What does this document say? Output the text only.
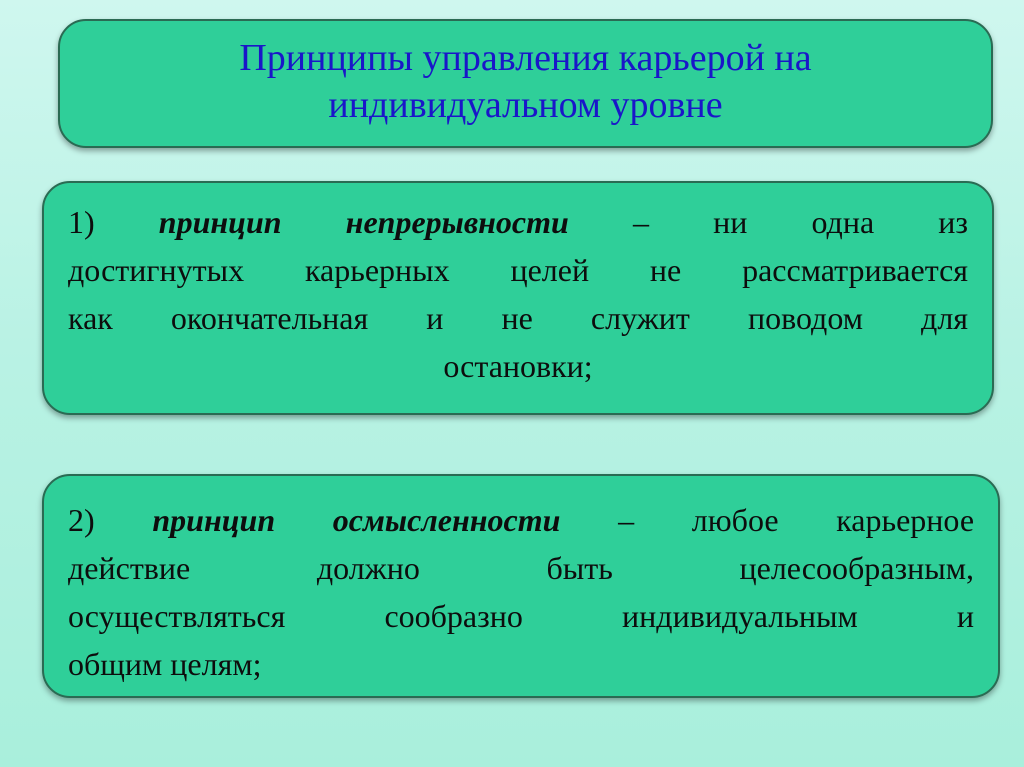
Принципы управления карьерой на
индивидуальном уровне
1) принцип непрерывности – ни одна из
достигнутых карьерных целей не рассматривается
как окончательная и не служит поводом для
остановки;
2) принцип осмысленности – любое карьерное
действие должно быть целесообразным,
осуществляться сообразно индивидуальным и
общим целям;
